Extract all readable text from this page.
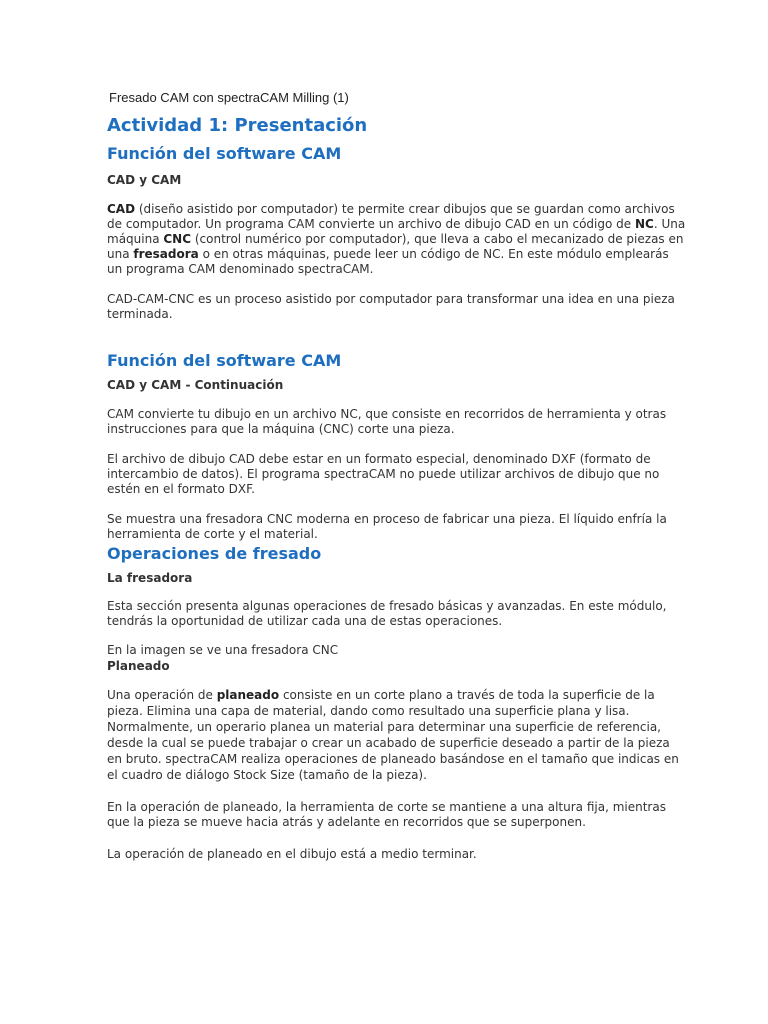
Fresado CAM con spectraCAM Milling (1)
Actividad 1: Presentación
Función del software CAM
CAD y CAM

CAD (diseño asistido por computador) te permite crear dibujos que se guardan como archivos de computador. Un programa CAM convierte un archivo de dibujo CAD en un código de NC. Una máquina CNC (control numérico por computador), que lleva a cabo el mecanizado de piezas en una fresadora o en otras máquinas, puede leer un código de NC. En este módulo emplearás un programa CAM denominado spectraCAM.

CAD-CAM-CNC es un proceso asistido por computador para transformar una idea en una pieza terminada.

Función del software CAM
CAD y CAM - Continuación

CAM convierte tu dibujo en un archivo NC, que consiste en recorridos de herramienta y otras instrucciones para que la máquina (CNC) corte una pieza.

El archivo de dibujo CAD debe estar en un formato especial, denominado DXF (formato de intercambio de datos). El programa spectraCAM no puede utilizar archivos de dibujo que no estén en el formato DXF.

Se muestra una fresadora CNC moderna en proceso de fabricar una pieza. El líquido enfría la herramienta de corte y el material.

Operaciones de fresado
La fresadora

Esta sección presenta algunas operaciones de fresado básicas y avanzadas. En este módulo, tendrás la oportunidad de utilizar cada una de estas operaciones.

En la imagen se ve una fresadora CNC

Planeado

Una operación de planeado consiste en un corte plano a través de toda la superficie de la pieza. Elimina una capa de material, dando como resultado una superficie plana y lisa. Normalmente, un operario planea un material para determinar una superficie de referencia, desde la cual se puede trabajar o crear un acabado de superficie deseado a partir de la pieza en bruto. spectraCAM realiza operaciones de planeado basándose en el tamaño que indicas en el cuadro de diálogo Stock Size (tamaño de la pieza).

En la operación de planeado, la herramienta de corte se mantiene a una altura fija, mientras que la pieza se mueve hacia atrás y adelante en recorridos que se superponen.

La operación de planeado en el dibujo está a medio terminar.
